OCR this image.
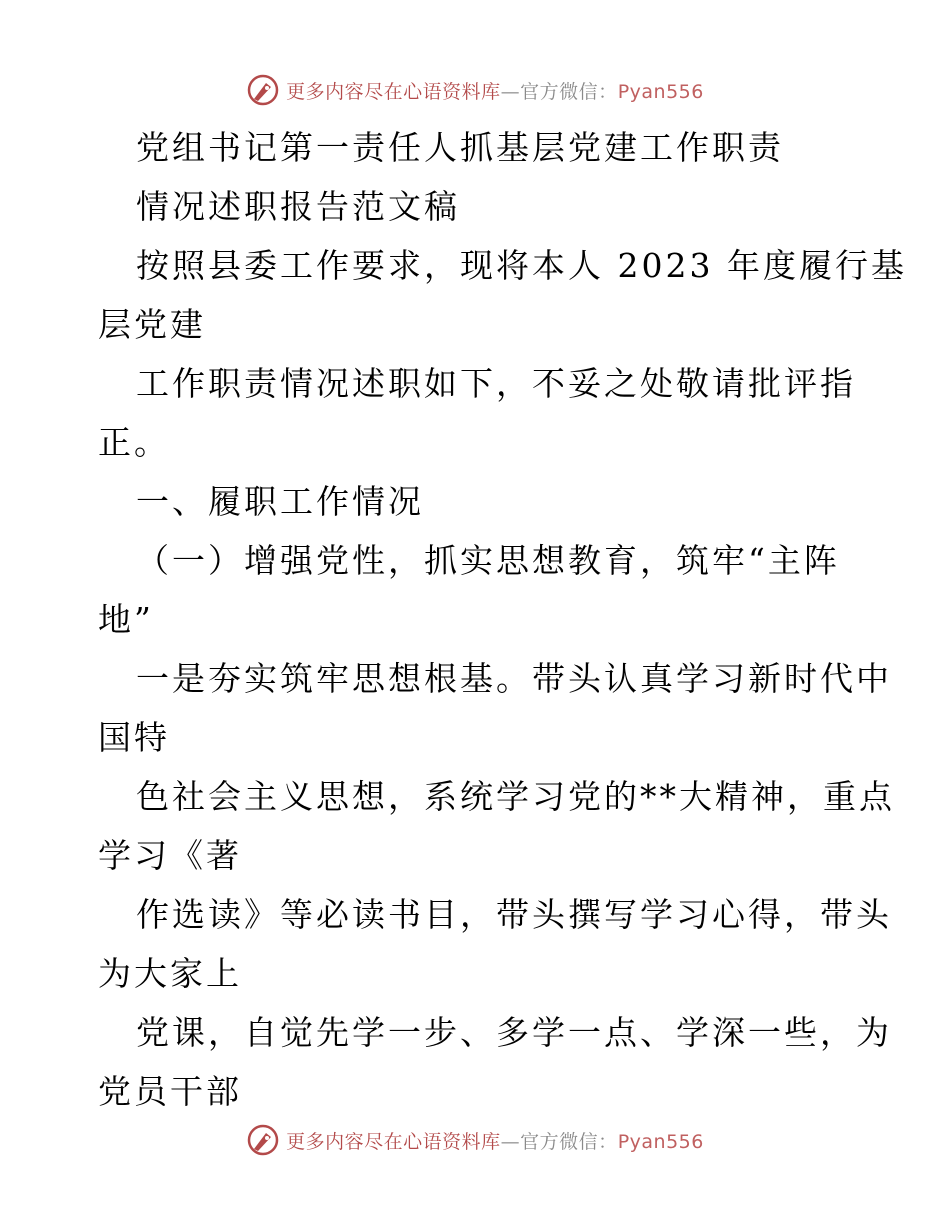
更多内容尽在心语资料库—官方微信：Pyan556
党组书记第一责任人抓基层党建工作职责
情况述职报告范文稿
按照县委工作要求，现将本人 2023 年度履行基
层党建
工作职责情况述职如下，不妥之处敬请批评指
正。
一、履职工作情况
（一）增强党性，抓实思想教育，筑牢“主阵
地”
一是夯实筑牢思想根基。带头认真学习新时代中
国特
色社会主义思想，系统学习党的**大精神，重点
学习《著
作选读》等必读书目，带头撰写学习心得，带头
为大家上
党课，自觉先学一步、多学一点、学深一些，为
党员干部
更多内容尽在心语资料库—官方微信：Pyan556
